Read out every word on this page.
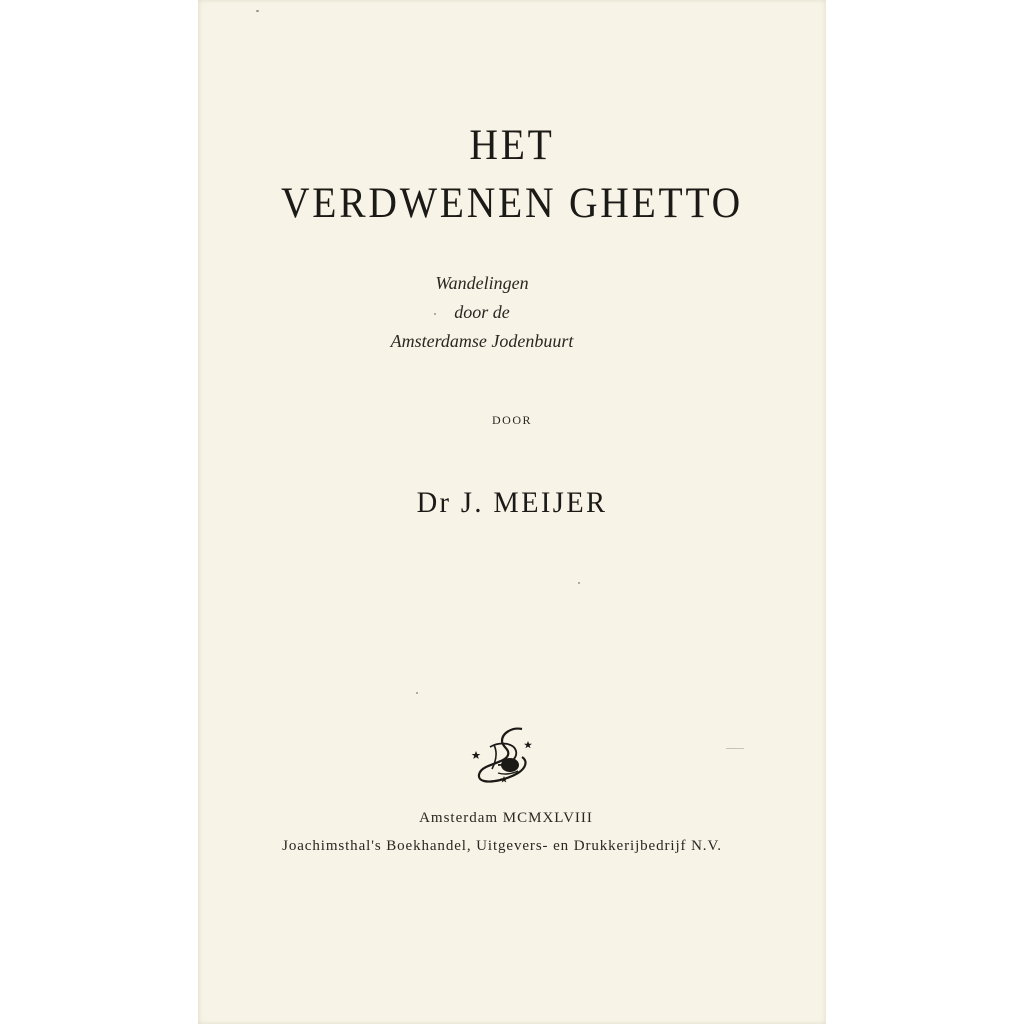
HET
VERDWENEN GHETTO
Wandelingen
door de
Amsterdamse Jodenbuurt
DOOR
Dr J. MEIJER
Amsterdam MCMXLVIII
Joachimsthal's Boekhandel, Uitgevers- en Drukkerijbedrijf N.V.
